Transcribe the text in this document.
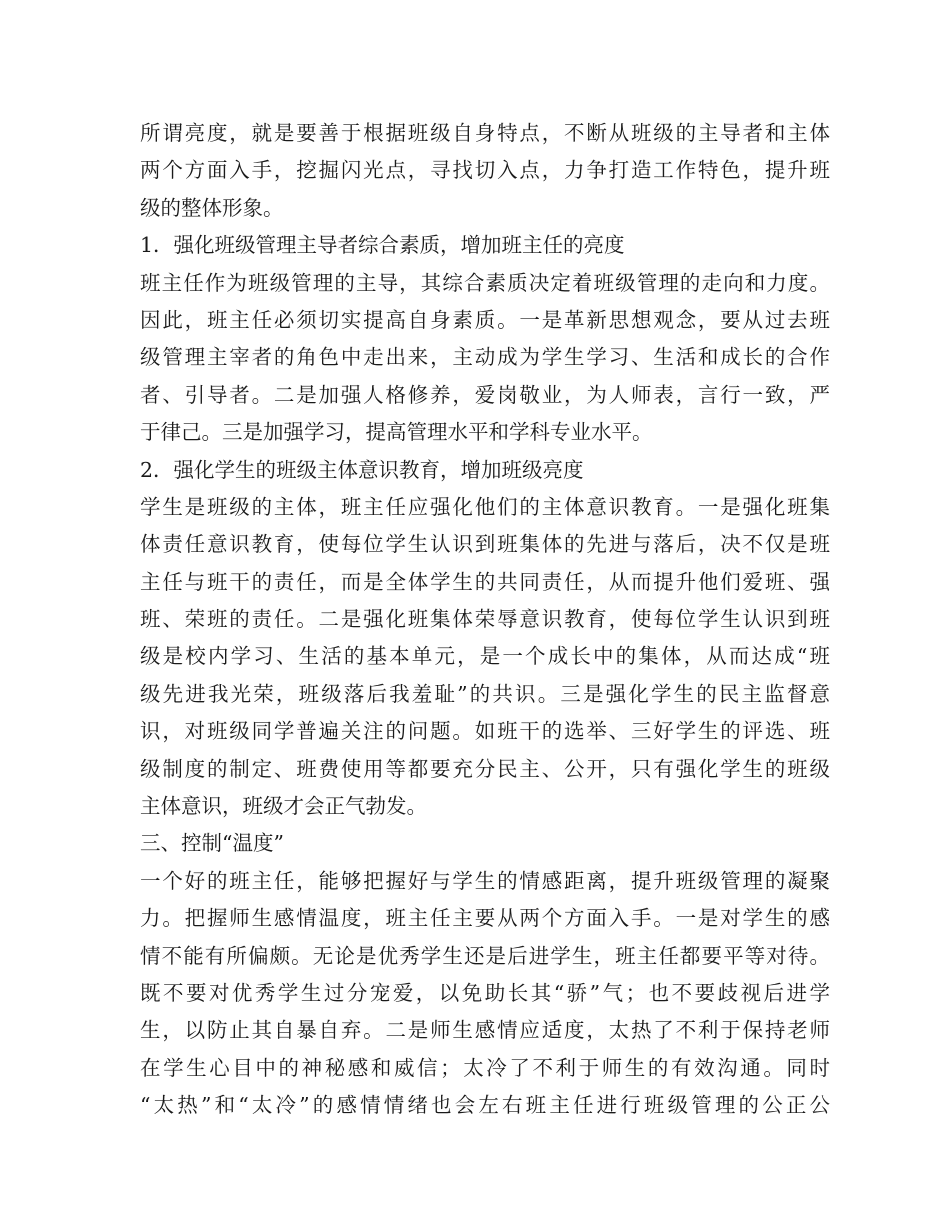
所谓亮度，就是要善于根据班级自身特点，不断从班级的主导者和主体
两个方面入手，挖掘闪光点，寻找切入点，力争打造工作特色，提升班
级的整体形象。
1．强化班级管理主导者综合素质，增加班主任的亮度
班主任作为班级管理的主导，其综合素质决定着班级管理的走向和力度。
因此，班主任必须切实提高自身素质。一是革新思想观念，要从过去班
级管理主宰者的角色中走出来，主动成为学生学习、生活和成长的合作
者、引导者。二是加强人格修养，爱岗敬业，为人师表，言行一致，严
于律己。三是加强学习，提高管理水平和学科专业水平。
2．强化学生的班级主体意识教育，增加班级亮度
学生是班级的主体，班主任应强化他们的主体意识教育。一是强化班集
体责任意识教育，使每位学生认识到班集体的先进与落后，决不仅是班
主任与班干的责任，而是全体学生的共同责任，从而提升他们爱班、强
班、荣班的责任。二是强化班集体荣辱意识教育，使每位学生认识到班
级是校内学习、生活的基本单元，是一个成长中的集体，从而达成“班
级先进我光荣，班级落后我羞耻”的共识。三是强化学生的民主监督意
识，对班级同学普遍关注的问题。如班干的选举、三好学生的评选、班
级制度的制定、班费使用等都要充分民主、公开，只有强化学生的班级
主体意识，班级才会正气勃发。
三、控制“温度”
一个好的班主任，能够把握好与学生的情感距离，提升班级管理的凝聚
力。把握师生感情温度，班主任主要从两个方面入手。一是对学生的感
情不能有所偏颇。无论是优秀学生还是后进学生，班主任都要平等对待。
既不要对优秀学生过分宠爱，以免助长其“骄”气；也不要歧视后进学
生，以防止其自暴自弃。二是师生感情应适度，太热了不利于保持老师
在学生心目中的神秘感和威信；太冷了不利于师生的有效沟通。同时
“太热”和“太冷”的感情情绪也会左右班主任进行班级管理的公正公
